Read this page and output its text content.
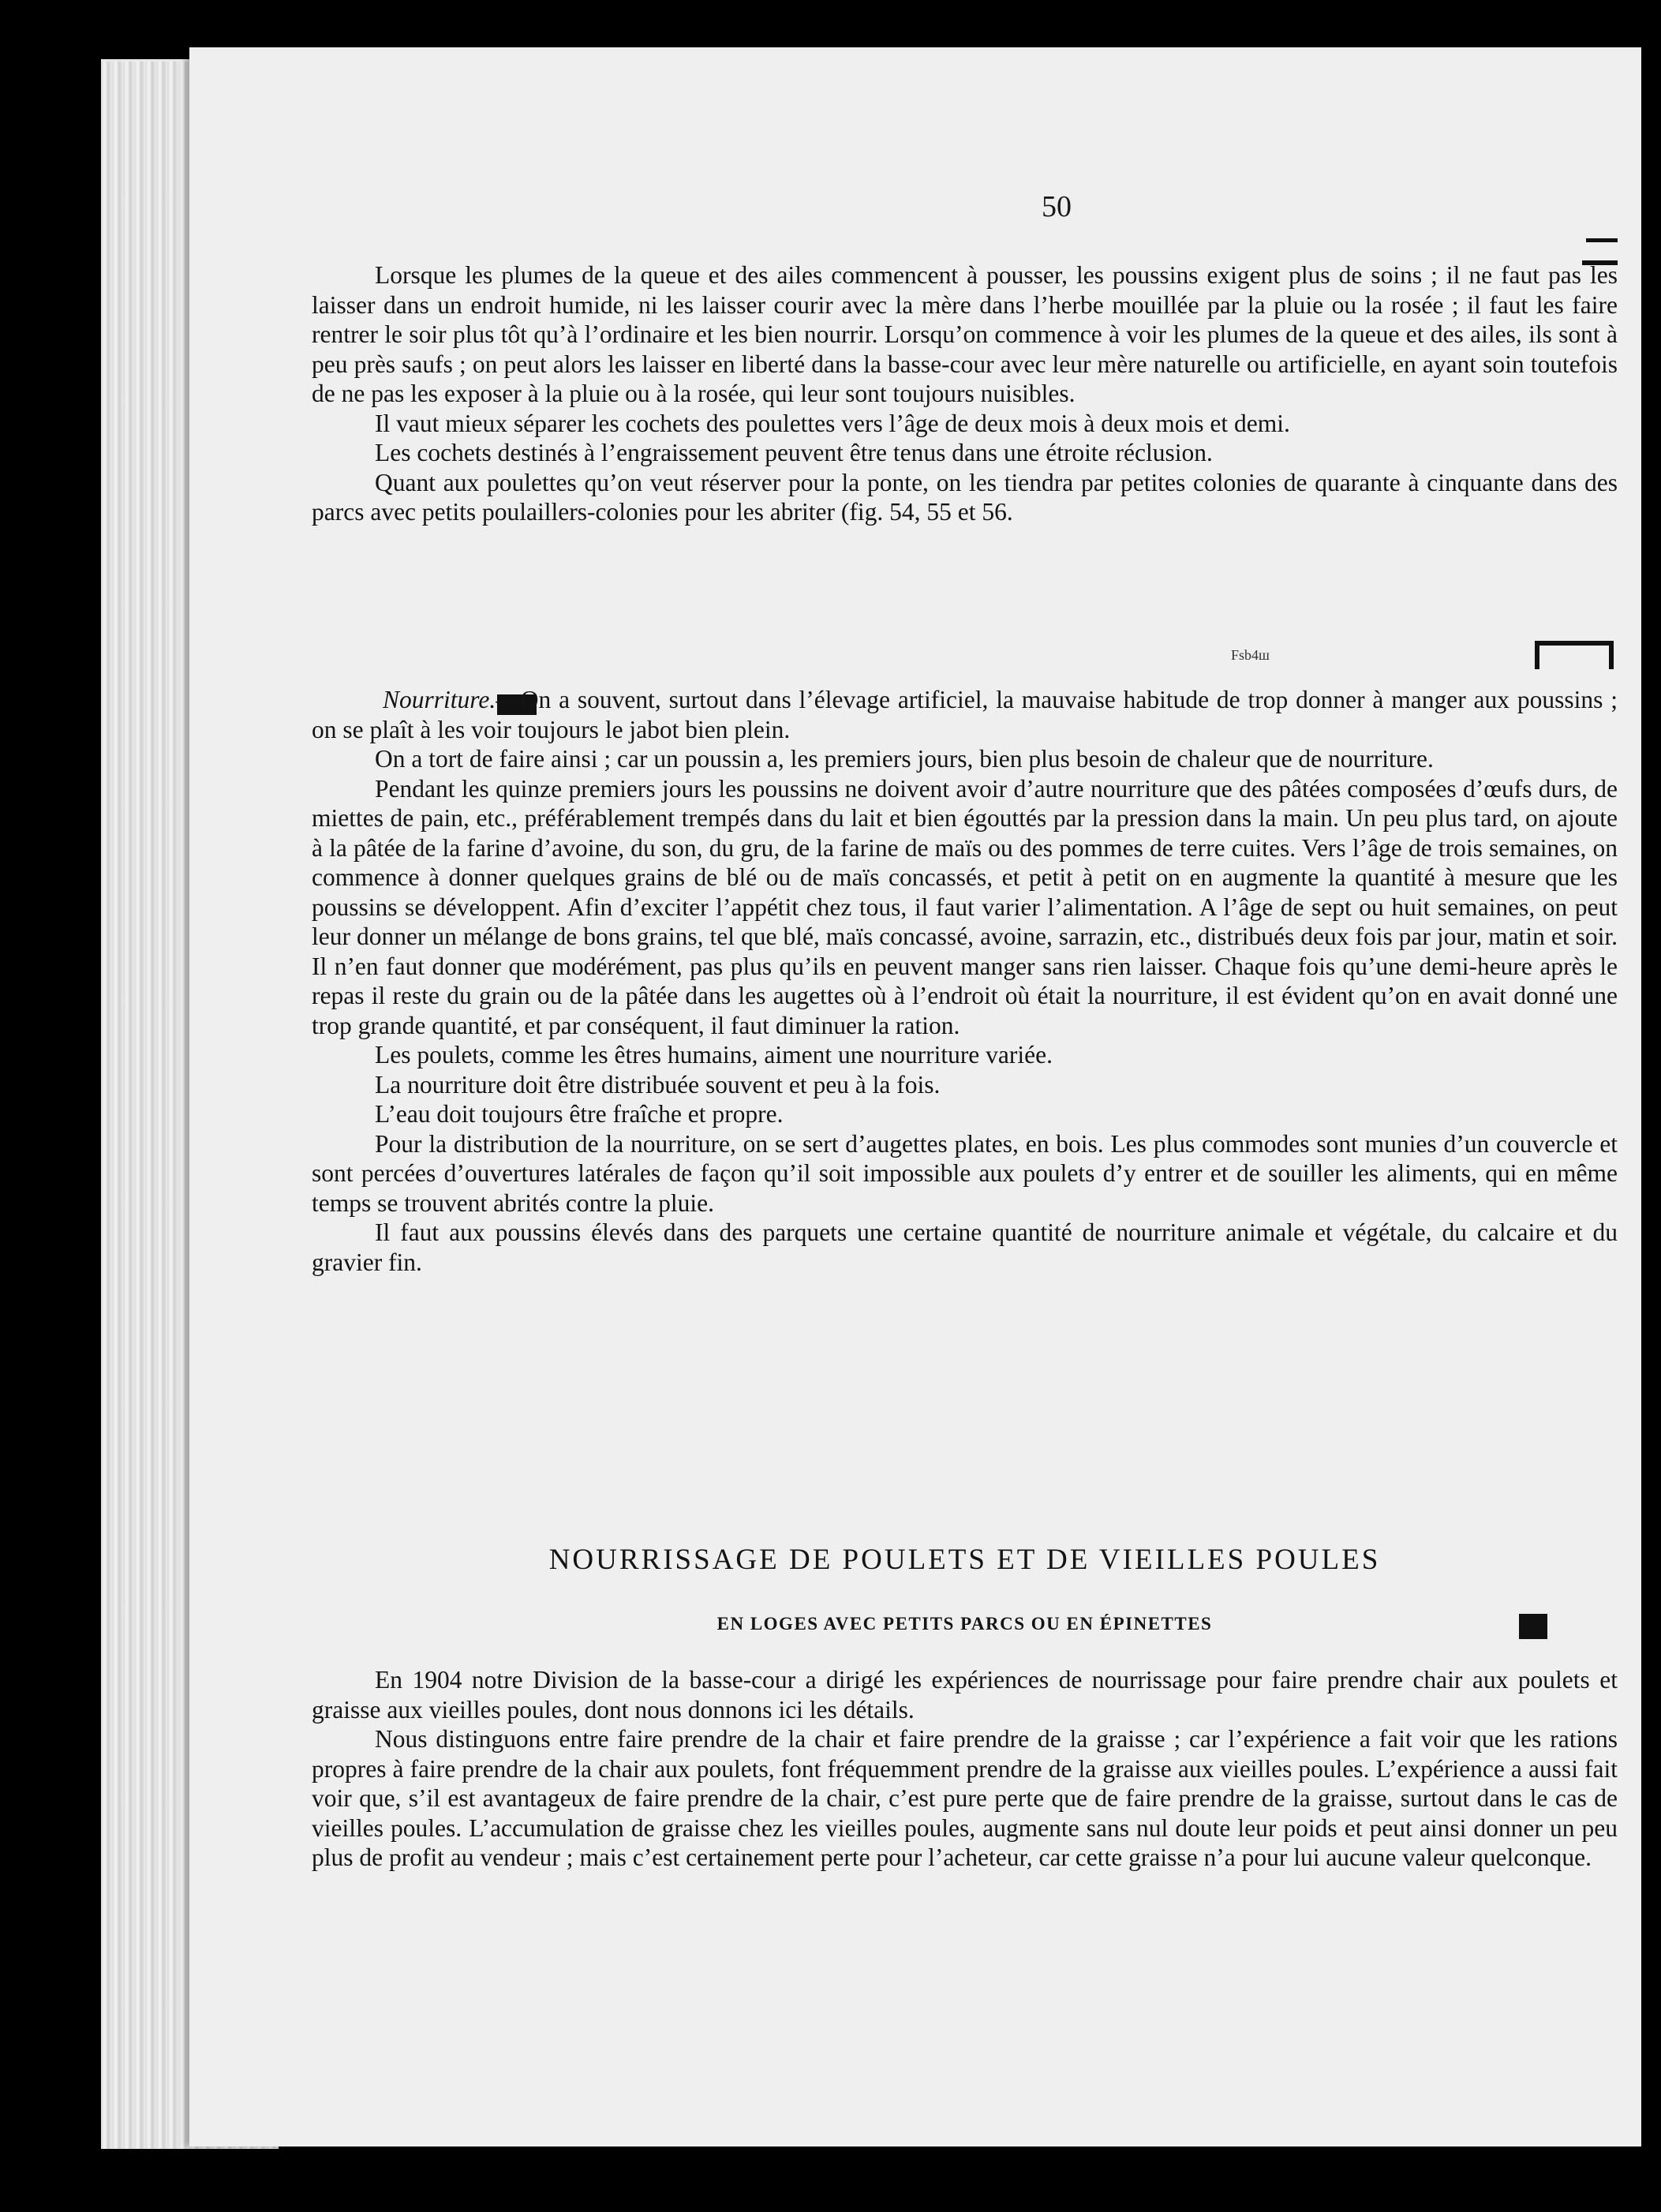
50

Lorsque les plumes de la queue et des ailes commencent à pousser, les poussins exigent plus de soins ; il ne faut pas les laisser dans un endroit humide, ni les laisser courir avec la mère dans l’herbe mouillée par la pluie ou la rosée ; il faut les faire rentrer le soir plus tôt qu’à l’ordinaire et les bien nourrir. Lorsqu’on commence à voir les plumes de la queue et des ailes, ils sont à peu près saufs ; on peut alors les laisser en liberté dans la basse-cour avec leur mère naturelle ou artificielle, en ayant soin toutefois de ne pas les exposer à la pluie ou à la rosée, qui leur sont toujours nuisibles.

Il vaut mieux séparer les cochets des poulettes vers l’âge de deux mois à deux mois et demi.

Les cochets destinés à l’engraissement peuvent être tenus dans une étroite réclusion.

Quant aux poulettes qu’on veut réserver pour la ponte, on les tiendra par petites colonies de quarante à cinquante dans des parcs avec petits poulaillers-colonies pour les abriter (fig. 54, 55 et 56.

Fsb4ш

Nourriture.—On a souvent, surtout dans l’élevage artificiel, la mauvaise habitude de trop donner à manger aux poussins ; on se plaît à les voir toujours le jabot bien plein.

On a tort de faire ainsi ; car un poussin a, les premiers jours, bien plus besoin de chaleur que de nourriture.

Pendant les quinze premiers jours les poussins ne doivent avoir d’autre nourriture que des pâtées composées d’œufs durs, de miettes de pain, etc., préférablement trempés dans du lait et bien égouttés par la pression dans la main. Un peu plus tard, on ajoute à la pâtée de la farine d’avoine, du son, du gru, de la farine de maïs ou des pommes de terre cuites. Vers l’âge de trois semaines, on commence à donner quelques grains de blé ou de maïs concassés, et petit à petit on en augmente la quantité à mesure que les poussins se développent. Afin d’exciter l’appétit chez tous, il faut varier l’alimentation. A l’âge de sept ou huit semaines, on peut leur donner un mélange de bons grains, tel que blé, maïs concassé, avoine, sarrazin, etc., distribués deux fois par jour, matin et soir. Il n’en faut donner que modérément, pas plus qu’ils en peuvent manger sans rien laisser. Chaque fois qu’une demi-heure après le repas il reste du grain ou de la pâtée dans les augettes où à l’endroit où était la nourriture, il est évident qu’on en avait donné une trop grande quantité, et par conséquent, il faut diminuer la ration.

Les poulets, comme les êtres humains, aiment une nourriture variée.

La nourriture doit être distribuée souvent et peu à la fois.

L’eau doit toujours être fraîche et propre.

Pour la distribution de la nourriture, on se sert d’augettes plates, en bois. Les plus commodes sont munies d’un couvercle et sont percées d’ouvertures latérales de façon qu’il soit impossible aux poulets d’y entrer et de souiller les aliments, qui en même temps se trouvent abrités contre la pluie.

Il faut aux poussins élevés dans des parquets une certaine quantité de nourriture animale et végétale, du calcaire et du gravier fin.

NOURRISSAGE DE POULETS ET DE VIEILLES POULES
EN LOGES AVEC PETITS PARCS OU EN ÉPINETTES

En 1904 notre Division de la basse-cour a dirigé les expériences de nourrissage pour faire prendre chair aux poulets et graisse aux vieilles poules, dont nous donnons ici les détails.

Nous distinguons entre faire prendre de la chair et faire prendre de la graisse ; car l’expérience a fait voir que les rations propres à faire prendre de la chair aux poulets, font fréquemment prendre de la graisse aux vieilles poules. L’expérience a aussi fait voir que, s’il est avantageux de faire prendre de la chair, c’est pure perte que de faire prendre de la graisse, surtout dans le cas de vieilles poules. L’accumulation de graisse chez les vieilles poules, augmente sans nul doute leur poids et peut ainsi donner un peu plus de profit au vendeur ; mais c’est certainement perte pour l’acheteur, car cette graisse n’a pour lui aucune valeur quelconque.
